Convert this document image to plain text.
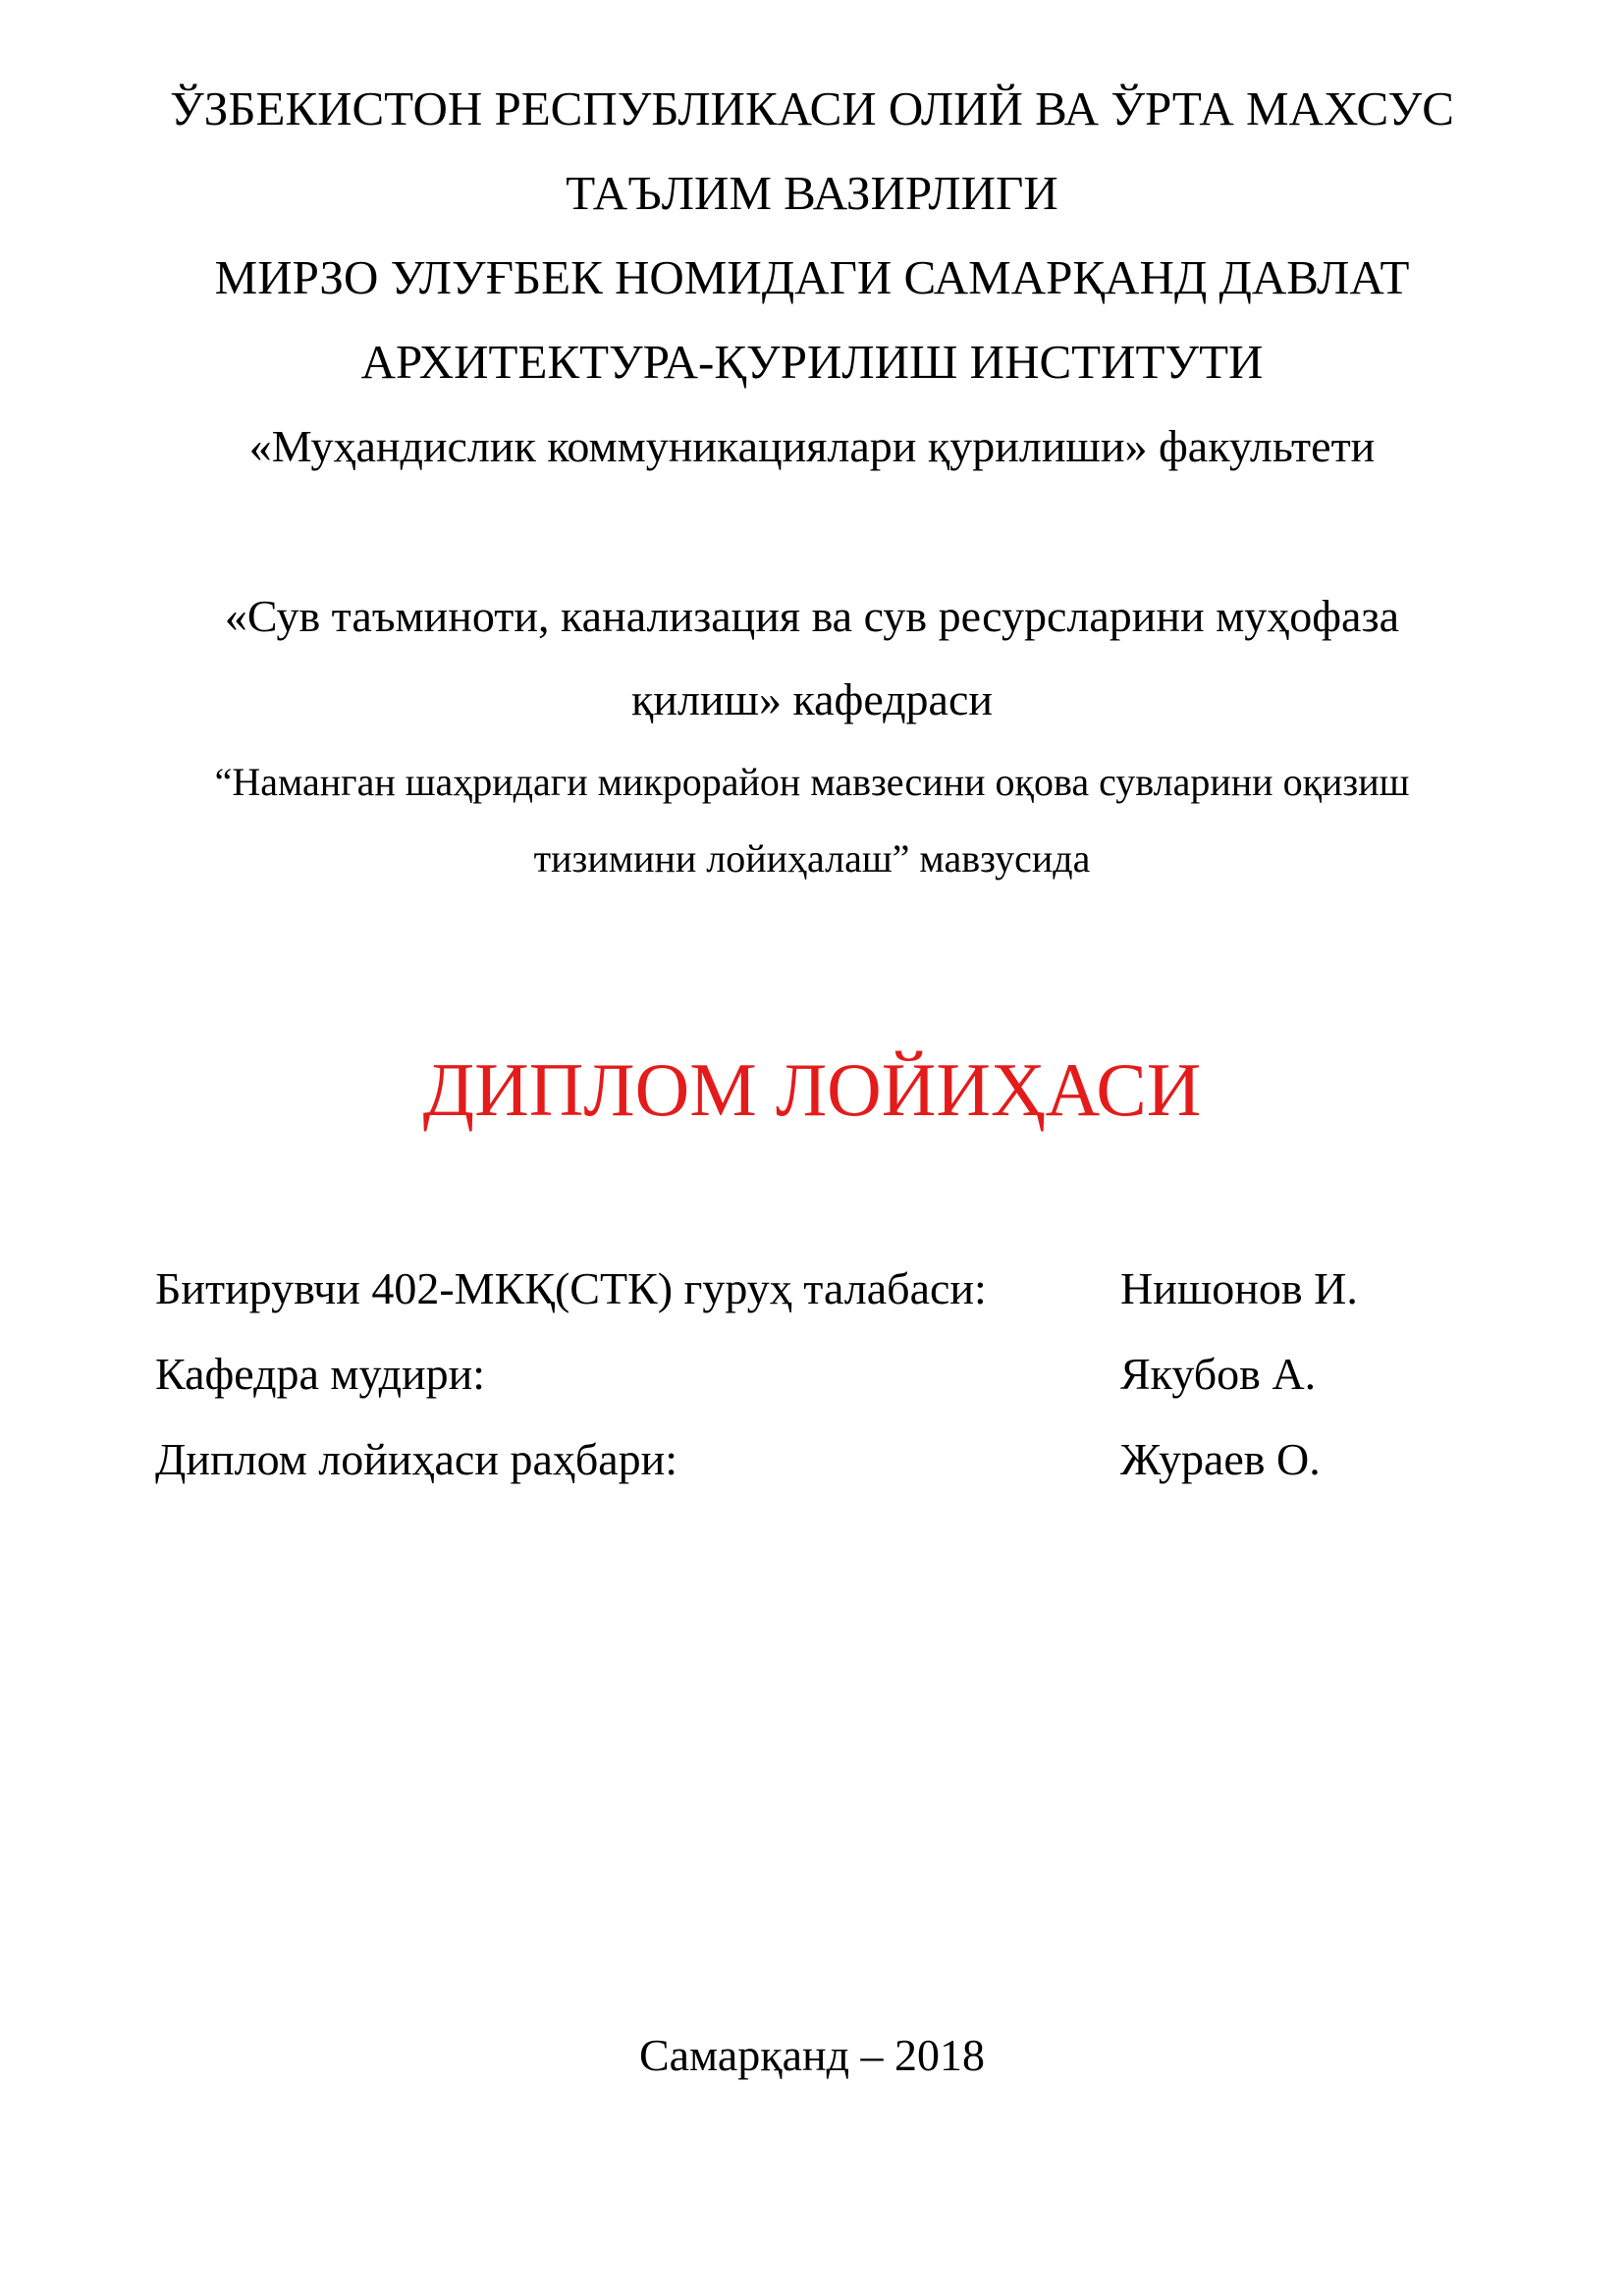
ЎЗБЕКИСТОН РЕСПУБЛИКАСИ ОЛИЙ ВА ЎРТА МАХСУС
ТАЪЛИМ ВАЗИРЛИГИ
МИРЗО УЛУҒБЕК НОМИДАГИ САМАРҚАНД ДАВЛАТ
АРХИТЕКТУРА-ҚУРИЛИШ ИНСТИТУТИ
«Муҳандислик коммуникациялари қурилиши» факультети
«Сув таъминоти, канализация ва сув ресурсларини муҳофаза
қилиш» кафедраси
“Наманган шаҳридаги микрорайон мавзесини оқова сувларини оқизиш
тизимини лойиҳалаш” мавзусида
ДИПЛОМ ЛОЙИҲАСИ
Битирувчи 402-МКҚ(СТК) гуруҳ талабаси:	Нишонов И.
Кафедра мудири:	Якубов А.
Диплом лойиҳаси раҳбари:	Жураев О.
Самарқанд – 2018
